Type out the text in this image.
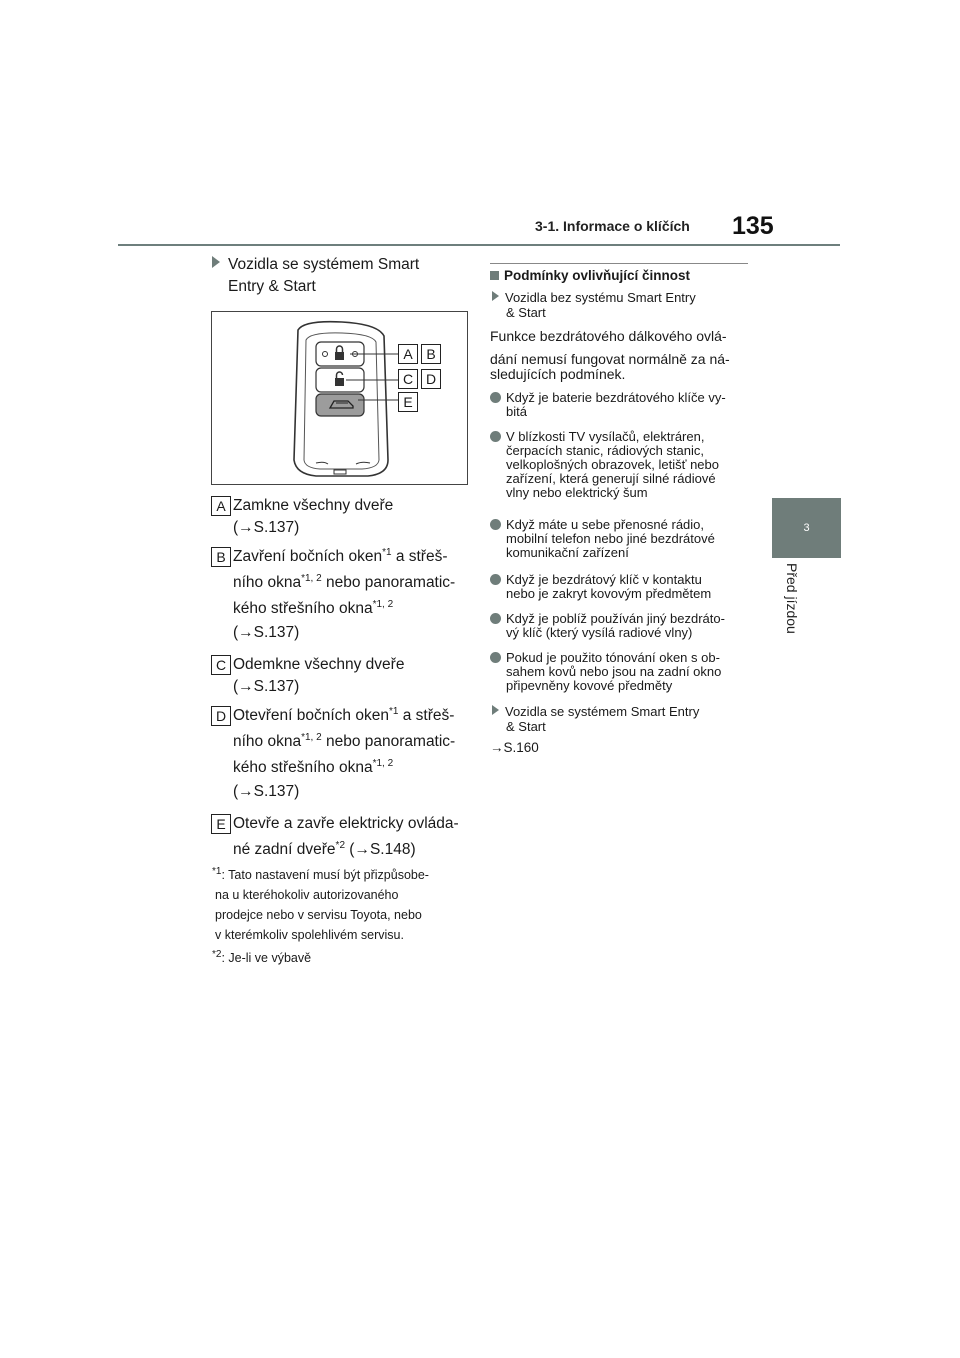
3-1. Informace o klíčích 135
3
Před jízdou
Vozidla se systémem Smart
Entry & Start
A B
C D
E
A Zamkne všechny dveře
(→S.137)
B Zavření bočních oken$^{*1}$ a střeš-
ního okna$^{*1, 2}$ nebo panoramatic-
kého střešního okna$^{*1, 2}$
(→S.137)
C Odemkne všechny dveře
(→S.137)
D Otevření bočních oken$^{*1}$ a střeš-
ního okna$^{*1, 2}$ nebo panoramatic-
kého střešního okna$^{*1, 2}$
(→S.137)
E Otevře a zavře elektricky ovláda-
né zadní dveře$^{*2}$ (→S.148)
$^{*1}$: Tato nastavení musí být přizpůsobe-
na u kteréhokoliv autorizovaného
prodejce nebo v servisu Toyota, nebo
v kterémkoliv spolehlivém servisu.
$^{*2}$: Je-li ve výbavě
Podmínky ovlivňující činnost
Vozidla bez systému Smart Entry
& Start
Funkce bezdrátového dálkového ovlá-
dání nemusí fungovat normálně za ná-
sledujících podmínek.
Když je baterie bezdrátového klíče vy-
bitá
V blízkosti TV vysílačů, elektráren,
čerpacích stanic, rádiových stanic,
velkoplošných obrazovek, letišť nebo
zařízení, která generují silné rádiové
vlny nebo elektrický šum
Když máte u sebe přenosné rádio,
mobilní telefon nebo jiné bezdrátové
komunikační zařízení
Když je bezdrátový klíč v kontaktu
nebo je zakryt kovovým předmětem
Když je poblíž používán jiný bezdráto-
vý klíč (který vysílá radiové vlny)
Pokud je použito tónování oken s ob-
sahem kovů nebo jsou na zadní okno
připevněny kovové předměty
Vozidla se systémem Smart Entry
& Start
→S.160
